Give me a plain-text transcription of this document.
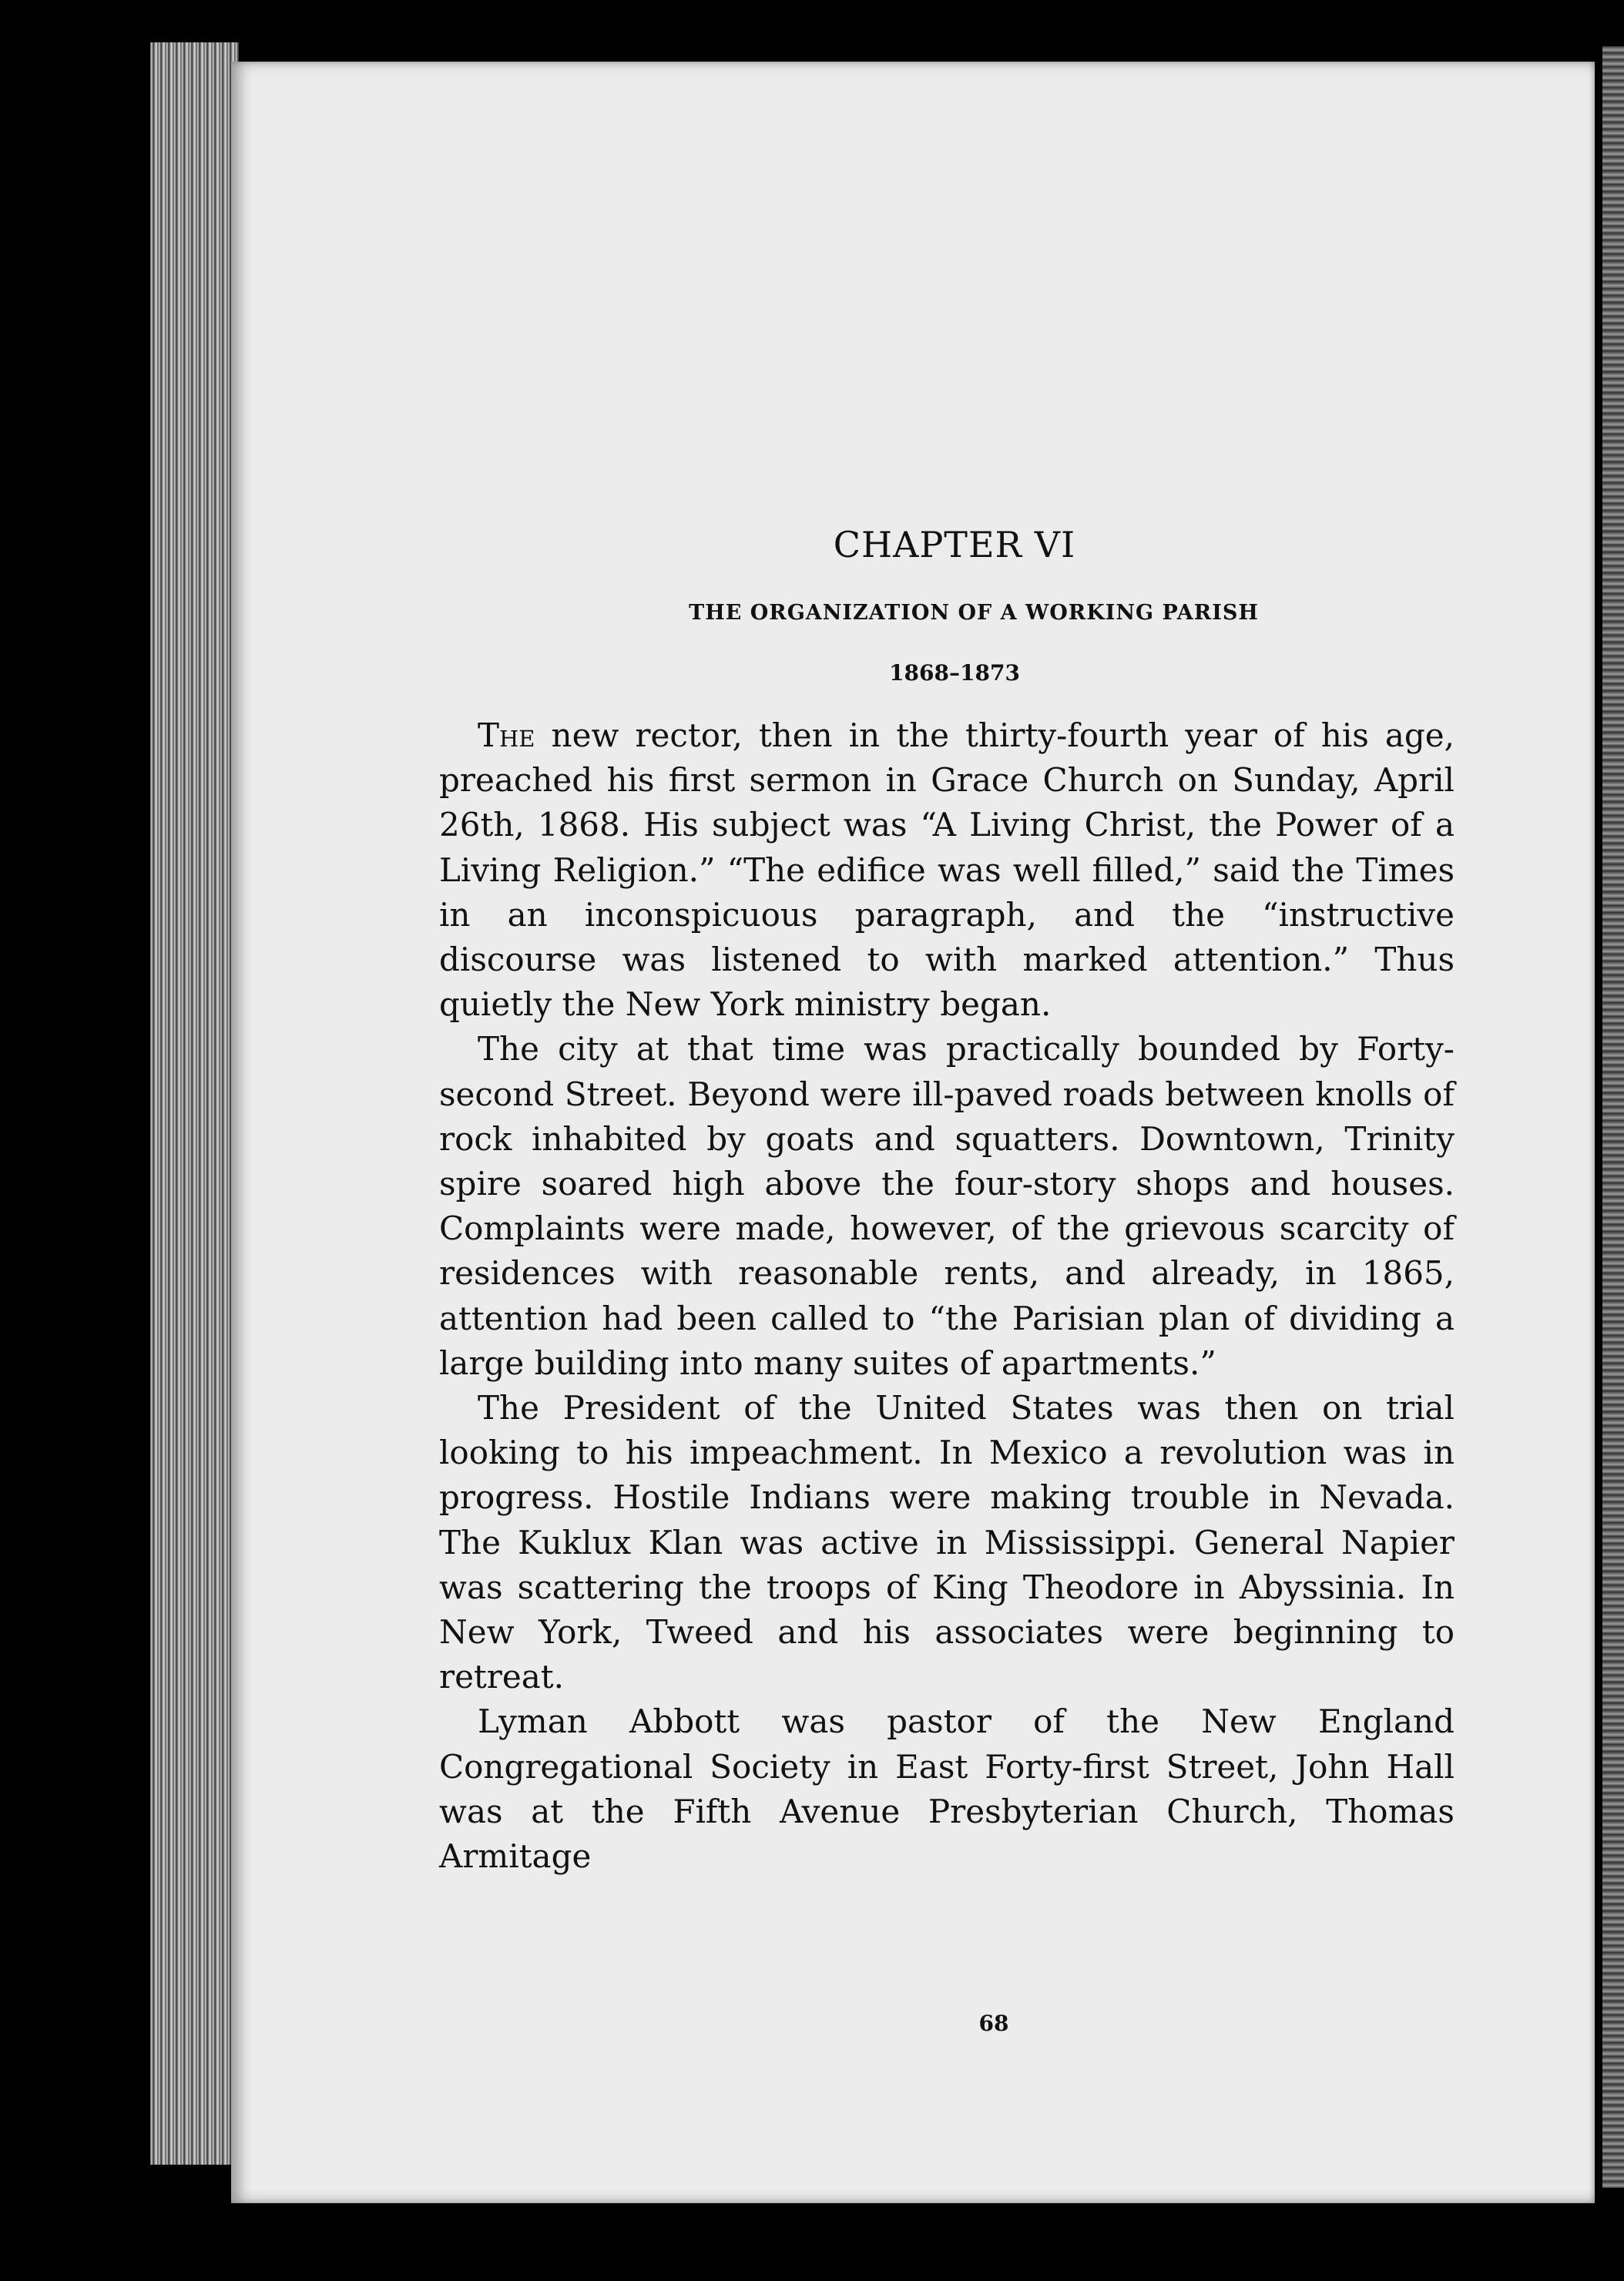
CHAPTER VI
THE ORGANIZATION OF A WORKING PARISH
1868–1873

The new rector, then in the thirty-fourth year of his age, preached his first sermon in Grace Church on Sunday, April 26th, 1868. His subject was “A Living Christ, the Power of a Living Religion.” “The edifice was well filled,” said the Times in an inconspicuous paragraph, and the “instructive discourse was listened to with marked attention.” Thus quietly the New York ministry began.

The city at that time was practically bounded by Forty-second Street. Beyond were ill-paved roads between knolls of rock inhabited by goats and squatters. Downtown, Trinity spire soared high above the four-story shops and houses. Complaints were made, however, of the grievous scarcity of residences with reasonable rents, and already, in 1865, attention had been called to “the Parisian plan of dividing a large building into many suites of apartments.”

The President of the United States was then on trial looking to his impeachment. In Mexico a revolution was in progress. Hostile Indians were making trouble in Nevada. The Kuklux Klan was active in Mississippi. General Napier was scattering the troops of King Theodore in Abyssinia. In New York, Tweed and his associates were beginning to retreat.

Lyman Abbott was pastor of the New England Congregational Society in East Forty-first Street, John Hall was at the Fifth Avenue Presbyterian Church, Thomas Armitage

68
